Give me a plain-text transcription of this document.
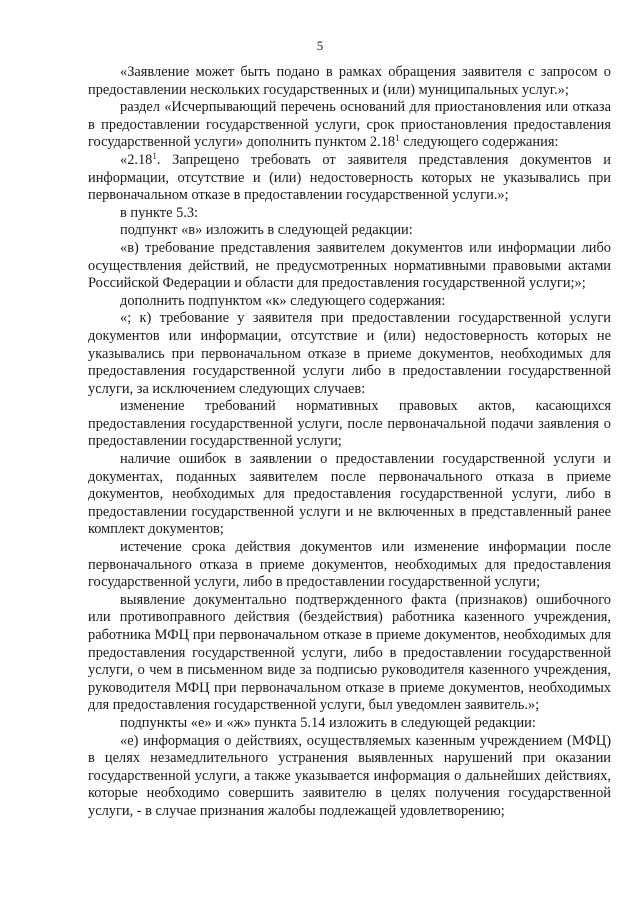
5

«Заявление может быть подано в рамках обращения заявителя с запросом о предоставлении нескольких государственных и (или) муниципальных услуг.»;

раздел «Исчерпывающий перечень оснований для приостановления или отказа в предоставлении государственной услуги, срок приостановления предоставления государственной услуги» дополнить пунктом 2.18$^1$ следующего содержания:

«2.18$^1$. Запрещено требовать от заявителя представления документов и информации, отсутствие и (или) недостоверность которых не указывались при первоначальном отказе в предоставлении государственной услуги.»;

в пункте 5.3:

подпункт «в» изложить в следующей редакции:

«в) требование представления заявителем документов или информации либо осуществления действий, не предусмотренных нормативными правовыми актами Российской Федерации и области для предоставления государственной услуги;»;

дополнить подпунктом «к» следующего содержания:

«; к) требование у заявителя при предоставлении государственной услуги документов или информации, отсутствие и (или) недостоверность которых не указывались при первоначальном отказе в приеме документов, необходимых для предоставления государственной услуги либо в предоставлении государственной услуги, за исключением следующих случаев:

изменение требований нормативных правовых актов, касающихся предоставления государственной услуги, после первоначальной подачи заявления о предоставлении государственной услуги;

наличие ошибок в заявлении о предоставлении государственной услуги и документах, поданных заявителем после первоначального отказа в приеме документов, необходимых для предоставления государственной услуги, либо в предоставлении государственной услуги и не включенных в представленный ранее комплект документов;

истечение срока действия документов или изменение информации после первоначального отказа в приеме документов, необходимых для предоставления государственной услуги, либо в предоставлении государственной услуги;

выявление документально подтвержденного факта (признаков) ошибочного или противоправного действия (бездействия) работника казенного учреждения, работника МФЦ при первоначальном отказе в приеме документов, необходимых для предоставления государственной услуги, либо в предоставлении государственной услуги, о чем в письменном виде за подписью руководителя казенного учреждения, руководителя МФЦ при первоначальном отказе в приеме документов, необходимых для предоставления государственной услуги, был уведомлен заявитель.»;

подпункты «е» и «ж» пункта 5.14 изложить в следующей редакции:

«е) информация о действиях, осуществляемых казенным учреждением (МФЦ) в целях незамедлительного устранения выявленных нарушений при оказании государственной услуги, а также указывается информация о дальнейших действиях, которые необходимо совершить заявителю в целях получения государственной услуги, - в случае признания жалобы подлежащей удовлетворению;
